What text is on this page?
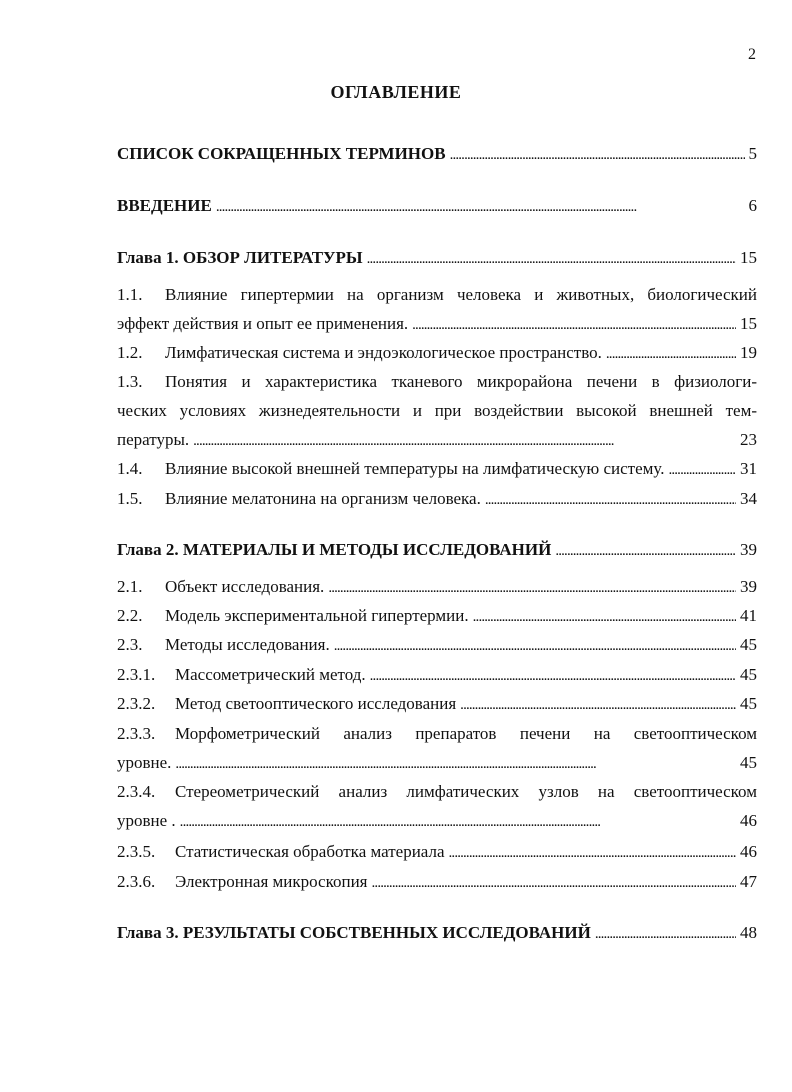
2
ОГЛАВЛЕНИЕ
СПИСОК СОКРАЩЕННЫХ ТЕРМИНОВ . . .	5
ВВЕДЕНИЕ . . .	6
Глава 1. ОБЗОР ЛИТЕРАТУРЫ . . .	15
1.1. Влияние гипертермии на организм человека и животных, биологический
эффект действия и опыт ее применения. . . .	15
1.2. Лимфатическая система и эндоэкологическое пространство. . . .	19
1.3. Понятия и характеристика тканевого микрорайона печени в физиологи-
ческих условиях жизнедеятельности и при воздействии высокой внешней тем-
пературы. . . .	23
1.4. Влияние высокой внешней температуры на лимфатическую систему. . . .	31
1.5. Влияние мелатонина на организм человека. . . .	34
Глава 2. МАТЕРИАЛЫ И МЕТОДЫ ИССЛЕДОВАНИЙ . . .	39
2.1. Объект исследования. . . .	39
2.2. Модель экспериментальной гипертермии. . . .	41
2.3. Методы исследования. . . .	45
2.3.1. Массометрический метод. . . .	45
2.3.2. Метод светооптического исследования . . .	45
2.3.3. Морфометрический анализ препаратов печени на светооптическом
уровне. . . .	45
2.3.4. Стереометрический анализ лимфатических узлов на светооптическом
уровне . . . .	46
2.3.5. Статистическая обработка материала . . .	46
2.3.6. Электронная микроскопия . . .	47
Глава 3. РЕЗУЛЬТАТЫ СОБСТВЕННЫХ ИССЛЕДОВАНИЙ . . .	48
